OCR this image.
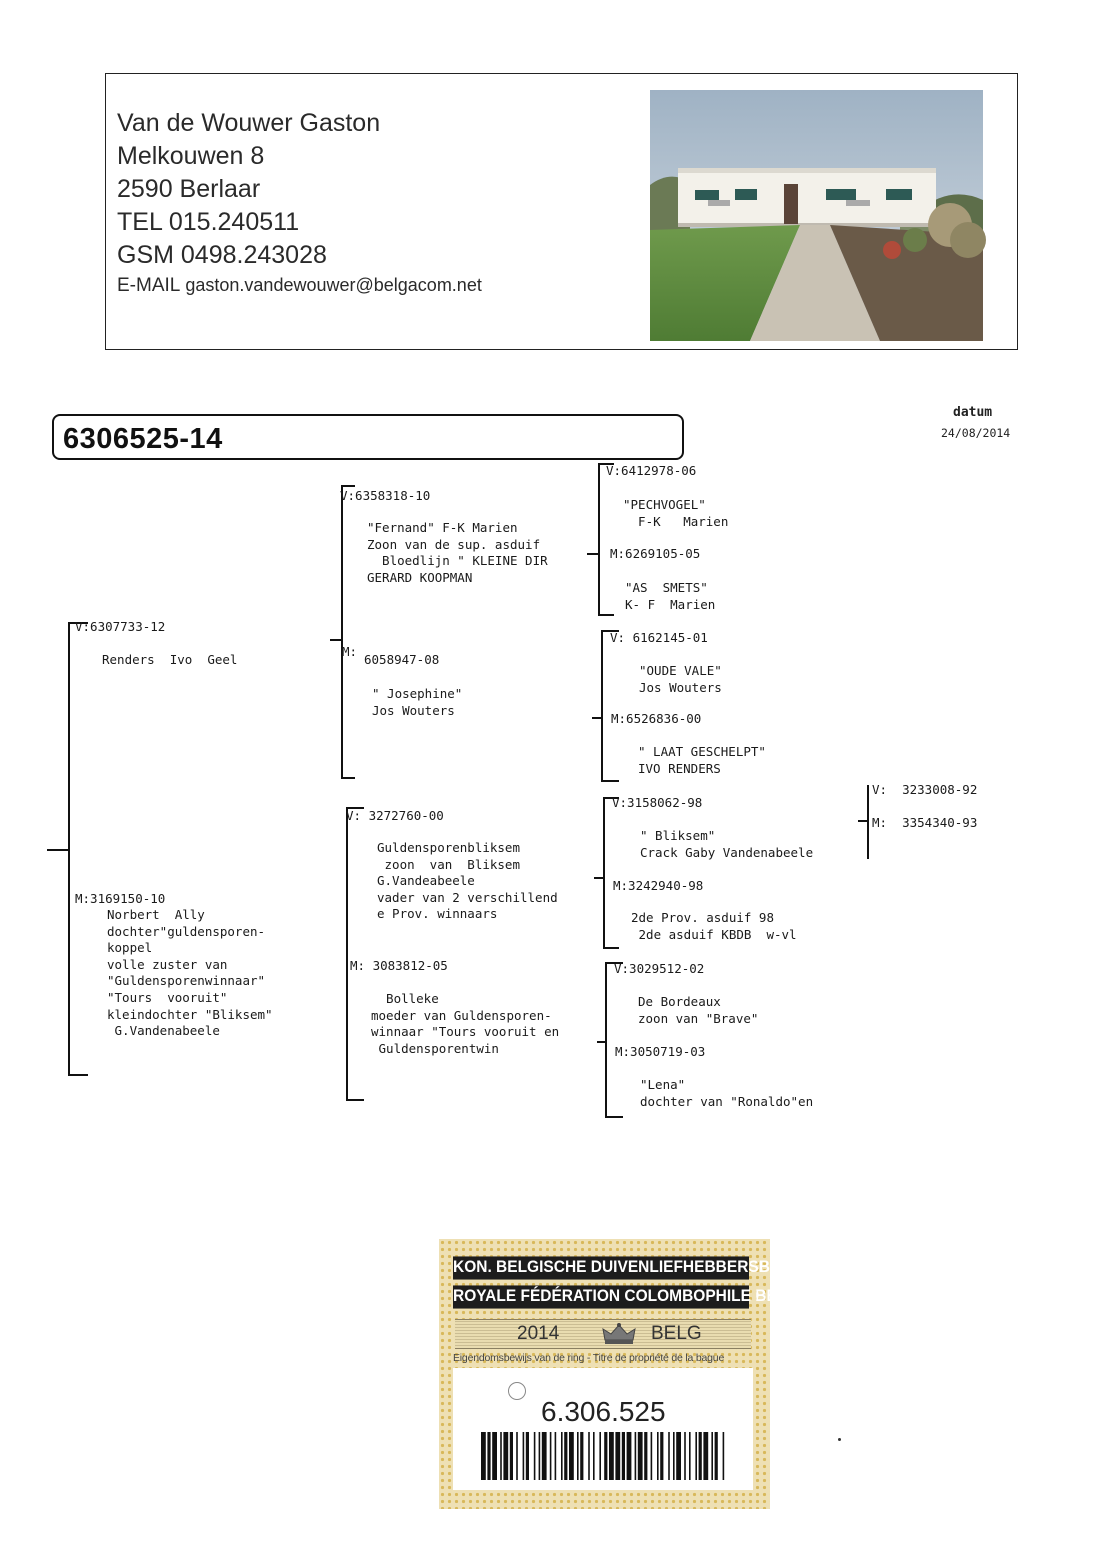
Van de Wouwer Gaston
Melkouwen 8
2590 Berlaar
TEL 015.240511
GSM 0498.243028
E-MAIL gaston.vandewouwer@belgacom.net
6306525-14
datum
24/08/2014
V:6307733-12
Renders  Ivo  Geel
M:3169150-10
Norbert  Ally
dochter"guldensporen-
koppel
volle zuster van
"Guldensporenwinnaar"
"Tours  vooruit"
kleindochter "Bliksem"
G.Vandenabeele
V:6358318-10
"Fernand" F-K Marien
Zoon van de sup. asduif
Bloedlijn " KLEINE DIR
GERARD KOOPMAN
M:
6058947-08
" Josephine"
Jos Wouters
V: 3272760-00
Guldensporenbliksem
zoon  van  Bliksem
G.Vandeabeele
vader van 2 verschillend
e Prov. winnaars
M: 3083812-05
Bolleke
moeder van Guldensporen-
winnaar "Tours vooruit en
Guldensporentwin
V:6412978-06
"PECHVOGEL"
F-K   Marien
M:6269105-05
"AS  SMETS"
K- F  Marien
V: 6162145-01
"OUDE VALE"
Jos Wouters
M:6526836-00
" LAAT GESCHELPT"
IVO RENDERS
V:3158062-98
" Bliksem"
Crack Gaby Vandenabeele
M:3242940-98
2de Prov. asduif 98
2de asduif KBDB  w-vl
V:3029512-02
De Bordeaux
zoon van "Brave"
M:3050719-03
"Lena"
dochter van "Ronaldo"en
V:  3233008-92
M:  3354340-93
KON. BELGISCHE DUIVENLIEFHEBBERSBOND
ROYALE FÉDÉRATION COLOMBOPHILE BELGE
2014	BELG
Eigendomsbewijs van de ring - Titre de propriété de la bague
6.306.525
